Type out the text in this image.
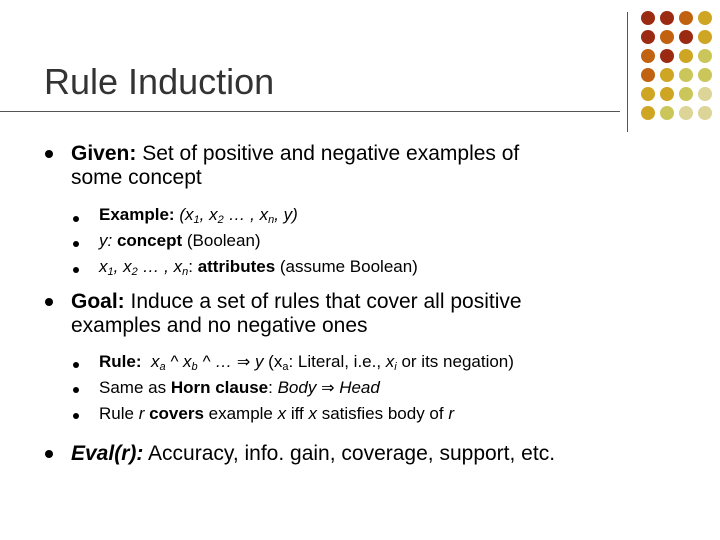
Rule Induction
Given: Set of positive and negative examples of
some concept
Example: ($x_1$, $x_2$ … , $x_n$, y)
y: concept (Boolean)
$x_1$, $x_2$ … , $x_n$: attributes (assume Boolean)
Goal: Induce a set of rules that cover all positive
examples and no negative ones
Rule: $x_a$ ^ $x_b$ ^ … ⇒ y ($x_a$: Literal, i.e., $x_i$ or its negation)
Same as Horn clause: Body ⇒ Head
Rule r covers example x iff x satisfies body of r
Eval(r): Accuracy, info. gain, coverage, support, etc.
